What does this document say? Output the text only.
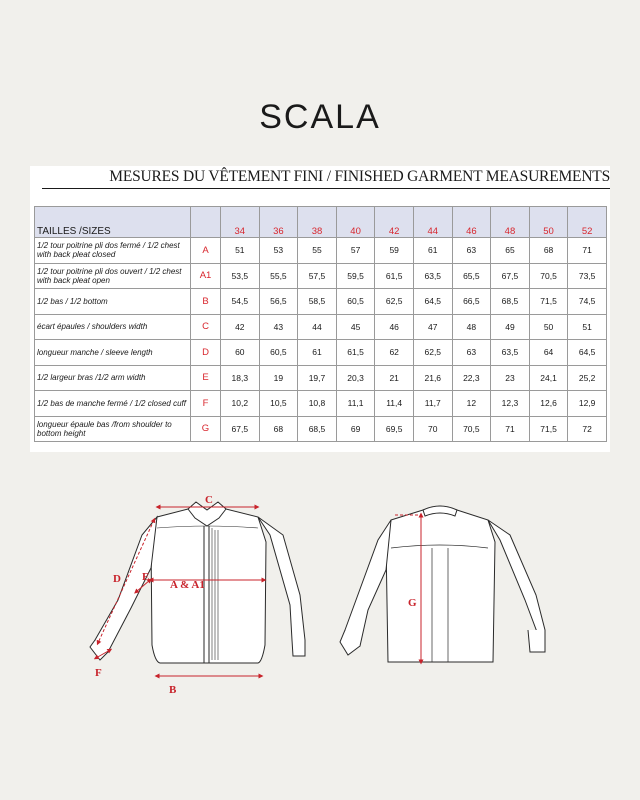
SCALA
MESURES DU VÊTEMENT FINI / FINISHED GARMENT MEASUREMENTS
TAILLES /SIZES		34	36	38	40	42	44	46	48	50	52
1/2 tour poitrine pli dos fermé / 1/2 chest with back pleat closed	A	51	53	55	57	59	61	63	65	68	71
1/2 tour poitrine pli dos ouvert / 1/2 chest with back pleat open	A1	53,5	55,5	57,5	59,5	61,5	63,5	65,5	67,5	70,5	73,5
1/2 bas / 1/2 bottom	B	54,5	56,5	58,5	60,5	62,5	64,5	66,5	68,5	71,5	74,5
écart épaules / shoulders width	C	42	43	44	45	46	47	48	49	50	51
longueur manche / sleeve length	D	60	60,5	61	61,5	62	62,5	63	63,5	64	64,5
1/2 largeur bras /1/2 arm width	E	18,3	19	19,7	20,3	21	21,6	22,3	23	24,1	25,2
1/2 bas de manche fermé / 1/2 closed cuff	F	10,2	10,5	10,8	11,1	11,4	11,7	12	12,3	12,6	12,9
longueur épaule bas /from shoulder to bottom height	G	67,5	68	68,5	69	69,5	70	70,5	71	71,5	72
C
D E
A & A1
F
B
G
